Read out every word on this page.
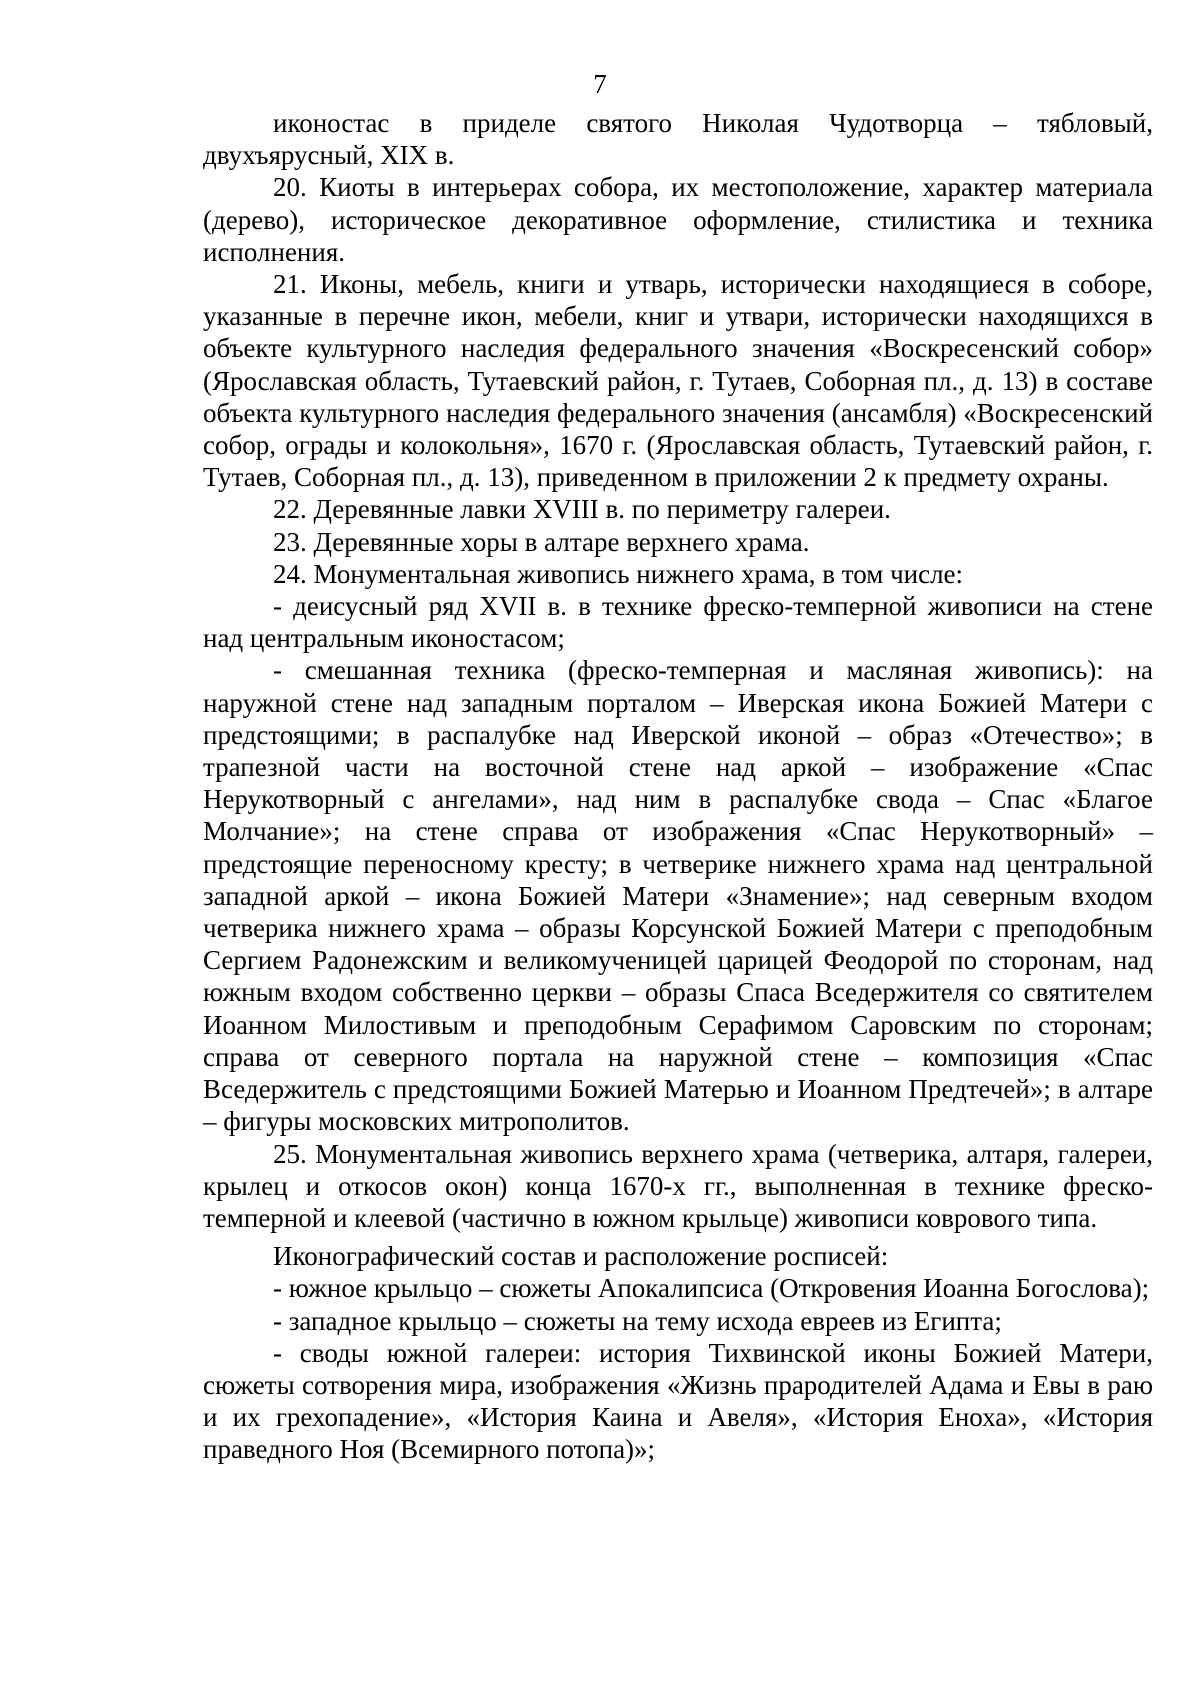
7

иконостас в приделе святого Николая Чудотворца – тябловый, двухъярусный, XIX в.

20. Киоты в интерьерах собора, их местоположение, характер материала (дерево), историческое декоративное оформление, стилистика и техника исполнения.

21. Иконы, мебель, книги и утварь, исторически находящиеся в соборе, указанные в перечне икон, мебели, книг и утвари, исторически находящихся в объекте культурного наследия федерального значения «Воскресенский собор» (Ярославская область, Тутаевский район, г. Тутаев, Соборная пл., д. 13) в составе объекта культурного наследия федерального значения (ансамбля) «Воскресенский собор, ограды и колокольня», 1670 г. (Ярославская область, Тутаевский район, г. Тутаев, Соборная пл., д. 13), приведенном в приложении 2 к предмету охраны.

22. Деревянные лавки XVIII в. по периметру галереи.

23. Деревянные хоры в алтаре верхнего храма.

24. Монументальная живопись нижнего храма, в том числе:

- деисусный ряд XVII в. в технике фреско-темперной живописи на стене над центральным иконостасом;

- смешанная техника (фреско-темперная и масляная живопись): на наружной стене над западным порталом – Иверская икона Божией Матери с предстоящими; в распалубке над Иверской иконой – образ «Отечество»; в трапезной части на восточной стене над аркой – изображение «Спас Нерукотворный с ангелами», над ним в распалубке свода – Спас «Благое Молчание»; на стене справа от изображения «Спас Нерукотворный» – предстоящие переносному кресту; в четверике нижнего храма над центральной западной аркой – икона Божией Матери «Знамение»; над северным входом четверика нижнего храма – образы Корсунской Божией Матери с преподобным Сергием Радонежским и великомученицей царицей Феодорой по сторонам, над южным входом собственно церкви – образы Спаса Вседержителя со святителем Иоанном Милостивым и преподобным Серафимом Саровским по сторонам; справа от северного портала на наружной стене – композиция «Спас Вседержитель с предстоящими Божией Матерью и Иоанном Предтечей»; в алтаре – фигуры московских митрополитов.

25. Монументальная живопись верхнего храма (четверика, алтаря, галереи, крылец и откосов окон) конца 1670-х гг., выполненная в технике фреско-темперной и клеевой (частично в южном крыльце) живописи коврового типа.

Иконографический состав и расположение росписей:

- южное крыльцо – сюжеты Апокалипсиса (Откровения Иоанна Богослова);

- западное крыльцо – сюжеты на тему исхода евреев из Египта;

- своды южной галереи: история Тихвинской иконы Божией Матери, сюжеты сотворения мира, изображения «Жизнь прародителей Адама и Евы в раю и их грехопадение», «История Каина и Авеля», «История Еноха», «История праведного Ноя (Всемирного потопа)»;
